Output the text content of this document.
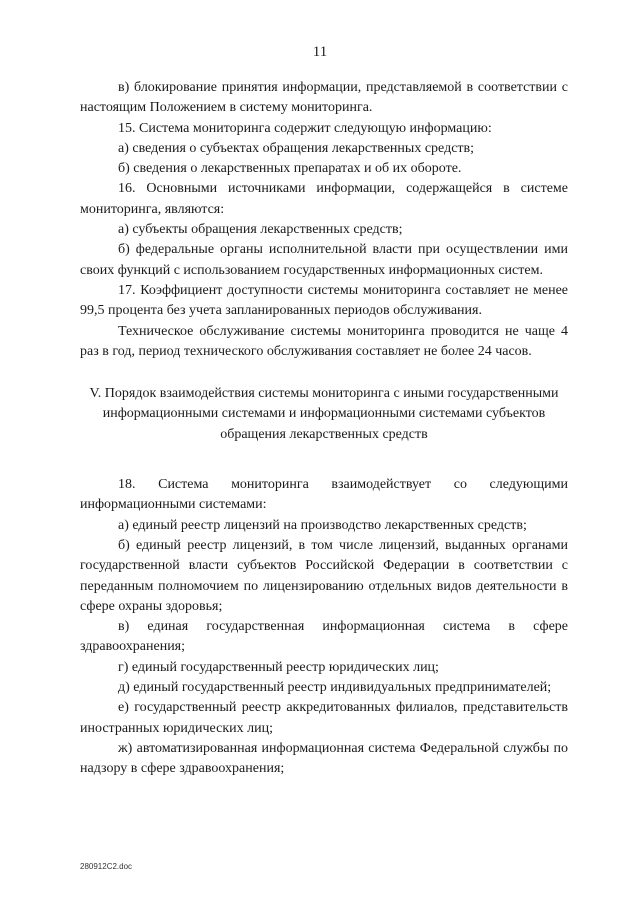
11

в) блокирование принятия информации, представляемой в соответствии с настоящим Положением в систему мониторинга.

15. Система мониторинга содержит следующую информацию:

а) сведения о субъектах обращения лекарственных средств;

б) сведения о лекарственных препаратах и об их обороте.

16. Основными источниками информации, содержащейся в системе мониторинга, являются:

а) субъекты обращения лекарственных средств;

б) федеральные органы исполнительной власти при осуществлении ими своих функций с использованием государственных информационных систем.

17. Коэффициент доступности системы мониторинга составляет не менее 99,5 процента без учета запланированных периодов обслуживания.

Техническое обслуживание системы мониторинга проводится не чаще 4 раз в год, период технического обслуживания составляет не более 24 часов.

V. Порядок взаимодействия системы мониторинга с иными государственными информационными системами и информационными системами субъектов обращения лекарственных средств

18. Система мониторинга взаимодействует со следующими информационными системами:

а) единый реестр лицензий на производство лекарственных средств;

б) единый реестр лицензий, в том числе лицензий, выданных органами государственной власти субъектов Российской Федерации в соответствии с переданным полномочием по лицензированию отдельных видов деятельности в сфере охраны здоровья;

в) единая государственная информационная система в сфере здравоохранения;

г) единый государственный реестр юридических лиц;

д) единый государственный реестр индивидуальных предпринимателей;

е) государственный реестр аккредитованных филиалов, представительств иностранных юридических лиц;

ж) автоматизированная информационная система Федеральной службы по надзору в сфере здравоохранения;

280912C2.doc
